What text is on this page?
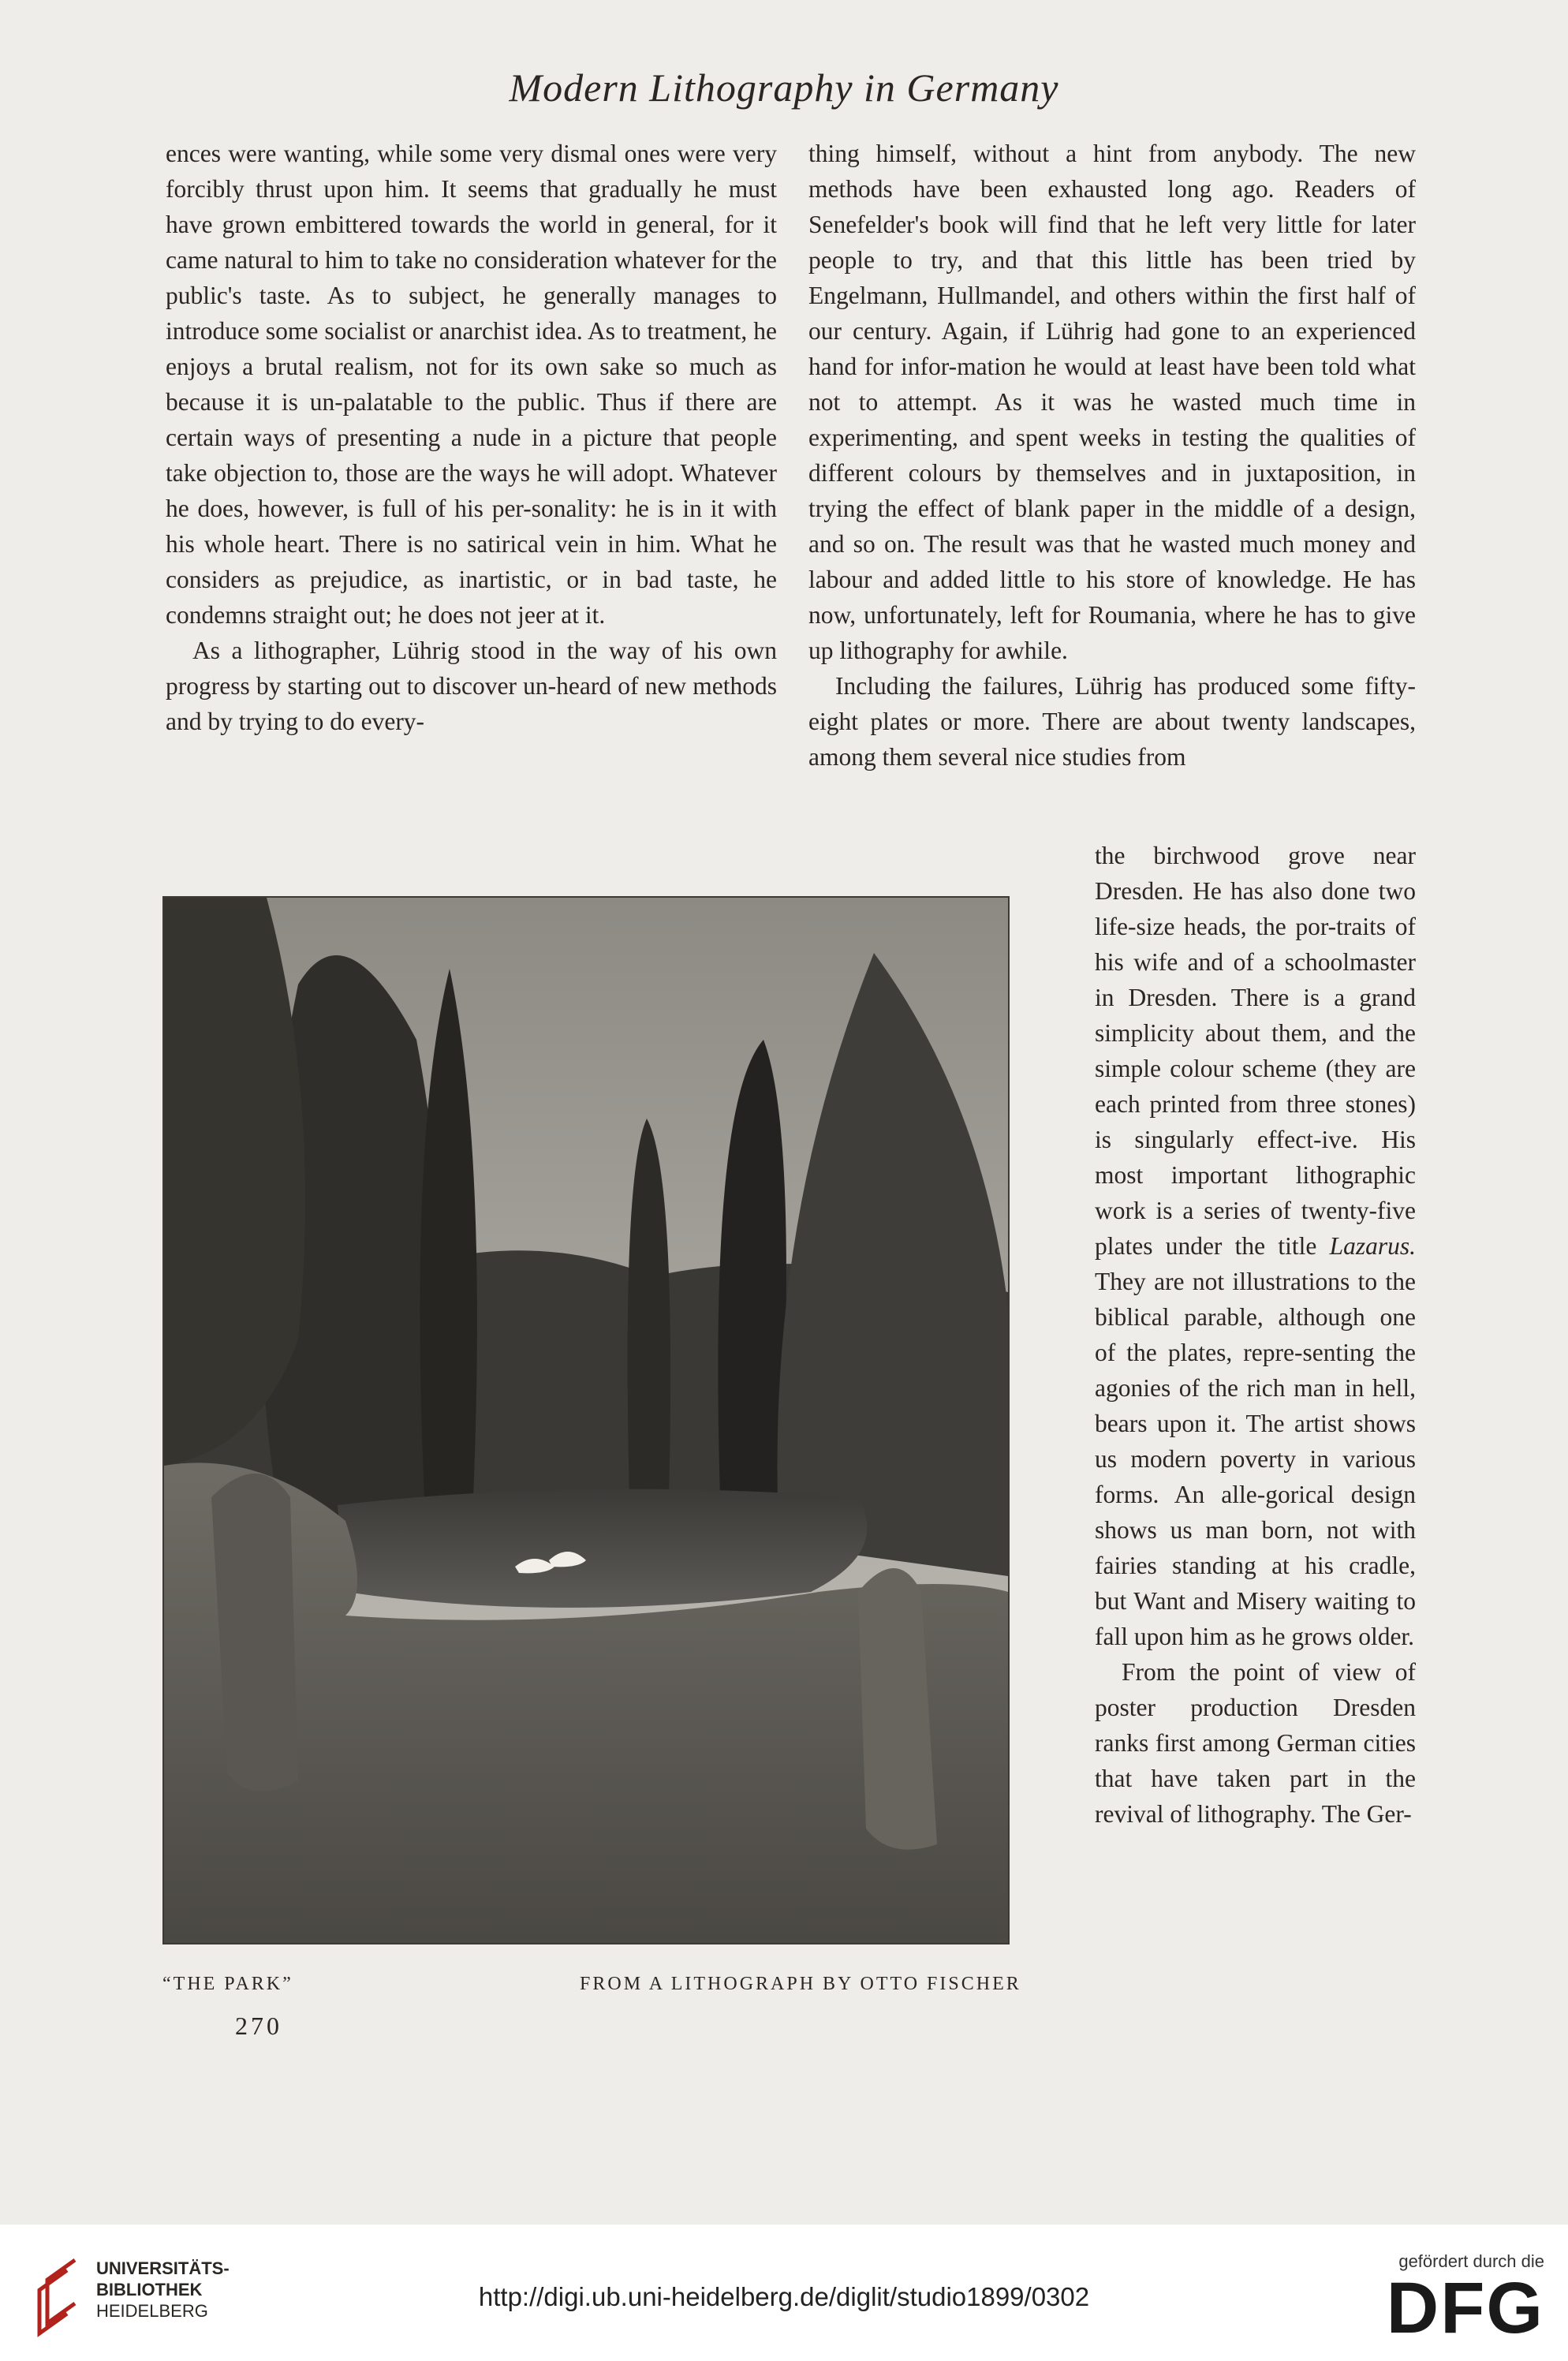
Modern Lithography in Germany

ences were wanting, while some very dismal ones were very forcibly thrust upon him. It seems that gradually he must have grown embittered towards the world in general, for it came natural to him to take no consideration whatever for the public's taste. As to subject, he generally manages to introduce some socialist or anarchist idea. As to treatment, he enjoys a brutal realism, not for its own sake so much as because it is un-palatable to the public. Thus if there are certain ways of presenting a nude in a picture that people take objection to, those are the ways he will adopt. Whatever he does, however, is full of his per-sonality: he is in it with his whole heart. There is no satirical vein in him. What he considers as prejudice, as inartistic, or in bad taste, he condemns straight out; he does not jeer at it.

As a lithographer, Lührig stood in the way of his own progress by starting out to discover un-heard of new methods and by trying to do every-

thing himself, without a hint from anybody. The new methods have been exhausted long ago. Readers of Senefelder's book will find that he left very little for later people to try, and that this little has been tried by Engelmann, Hullmandel, and others within the first half of our century. Again, if Lührig had gone to an experienced hand for infor-mation he would at least have been told what not to attempt. As it was he wasted much time in experimenting, and spent weeks in testing the qualities of different colours by themselves and in juxtaposition, in trying the effect of blank paper in the middle of a design, and so on. The result was that he wasted much money and labour and added little to his store of knowledge. He has now, unfortunately, left for Roumania, where he has to give up lithography for awhile.

Including the failures, Lührig has produced some fifty-eight plates or more. There are about twenty landscapes, among them several nice studies from

the birchwood grove near Dresden. He has also done two life-size heads, the por-traits of his wife and of a schoolmaster in Dresden. There is a grand simplicity about them, and the simple colour scheme (they are each printed from three stones) is singularly effect-ive. His most important lithographic work is a series of twenty-five plates under the title Lazarus. They are not illustrations to the biblical parable, although one of the plates, repre-senting the agonies of the rich man in hell, bears upon it. The artist shows us modern poverty in various forms. An alle-gorical design shows us man born, not with fairies standing at his cradle, but Want and Misery waiting to fall upon him as he grows older.

From the point of view of poster production Dresden ranks first among German cities that have taken part in the revival of lithography. The Ger-

“THE PARK”	FROM A LITHOGRAPH BY OTTO FISCHER
270
UNIVERSITÄTS-
BIBLIOTHEK
HEIDELBERG	http://digi.ub.uni-heidelberg.de/diglit/studio1899/0302
gefördert durch die
DFG
